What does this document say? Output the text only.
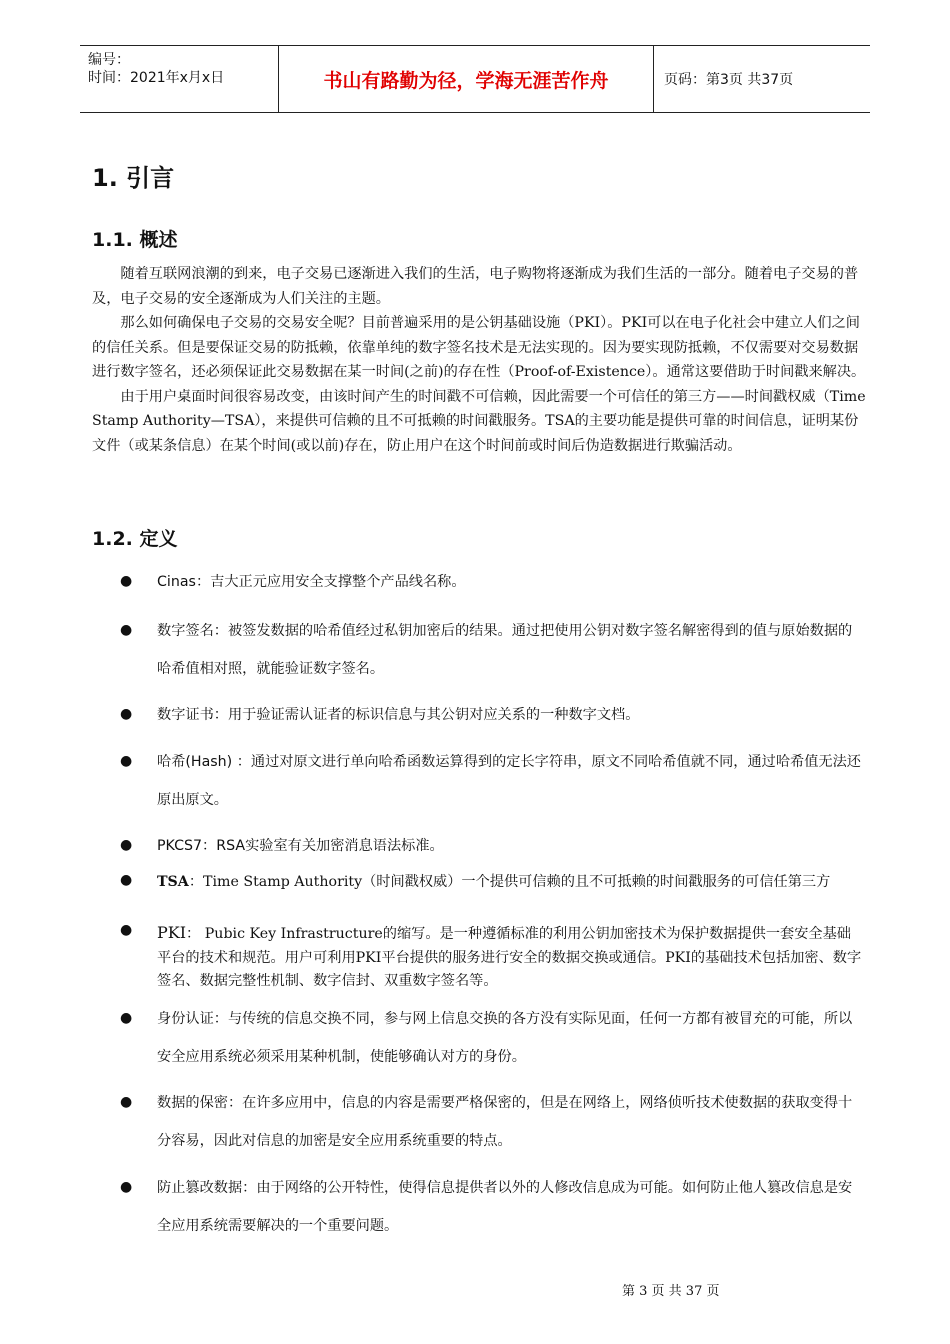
编号：
时间：2021年x月x日	书山有路勤为径，学海无涯苦作舟	页码：第3页 共37页
1. 引言
1.1. 概述

随着互联网浪潮的到来，电子交易已逐渐进入我们的生活，电子购物将逐渐成为我们生活的一部分。随着电子交易的普及，电子交易的安全逐渐成为人们关注的主题。

那么如何确保电子交易的交易安全呢？目前普遍采用的是公钥基础设施（PKI）。PKI可以在电子化社会中建立人们之间的信任关系。但是要保证交易的防抵赖，依靠单纯的数字签名技术是无法实现的。因为要实现防抵赖，不仅需要对交易数据进行数字签名，还必须保证此交易数据在某一时间(之前)的存在性（Proof-of-Existence）。通常这要借助于时间戳来解决。

由于用户桌面时间很容易改变，由该时间产生的时间戳不可信赖，因此需要一个可信任的第三方——时间戳权威（Time Stamp Authority—TSA），来提供可信赖的且不可抵赖的时间戳服务。TSA的主要功能是提供可靠的时间信息，证明某份文件（或某条信息）在某个时间(或以前)存在，防止用户在这个时间前或时间后伪造数据进行欺骗活动。

1.2. 定义
● Cinas：吉大正元应用安全支撑整个产品线名称。
● 数字签名：被签发数据的哈希值经过私钥加密后的结果。通过把使用公钥对数字签名解密得到的值与原始数据的哈希值相对照，就能验证数字签名。
● 数字证书：用于验证需认证者的标识信息与其公钥对应关系的一种数字文档。
● 哈希(Hash) ：通过对原文进行单向哈希函数运算得到的定长字符串，原文不同哈希值就不同，通过哈希值无法还原出原文。
● PKCS7：RSA实验室有关加密消息语法标准。
● TSA：Time Stamp Authority（时间戳权威）一个提供可信赖的且不可抵赖的时间戳服务的可信任第三方
● PKI： Pubic Key Infrastructure的缩写。是一种遵循标准的利用公钥加密技术为保护数据提供一套安全基础平台的技术和规范。用户可利用PKI平台提供的服务进行安全的数据交换或通信。PKI的基础技术包括加密、数字签名、数据完整性机制、数字信封、双重数字签名等。
● 身份认证：与传统的信息交换不同，参与网上信息交换的各方没有实际见面，任何一方都有被冒充的可能，所以安全应用系统必须采用某种机制，使能够确认对方的身份。
● 数据的保密：在许多应用中，信息的内容是需要严格保密的，但是在网络上，网络侦听技术使数据的获取变得十分容易，因此对信息的加密是安全应用系统重要的特点。
● 防止篡改数据：由于网络的公开特性，使得信息提供者以外的人修改信息成为可能。如何防止他人篡改信息是安全应用系统需要解决的一个重要问题。
第 3 页 共 37 页
